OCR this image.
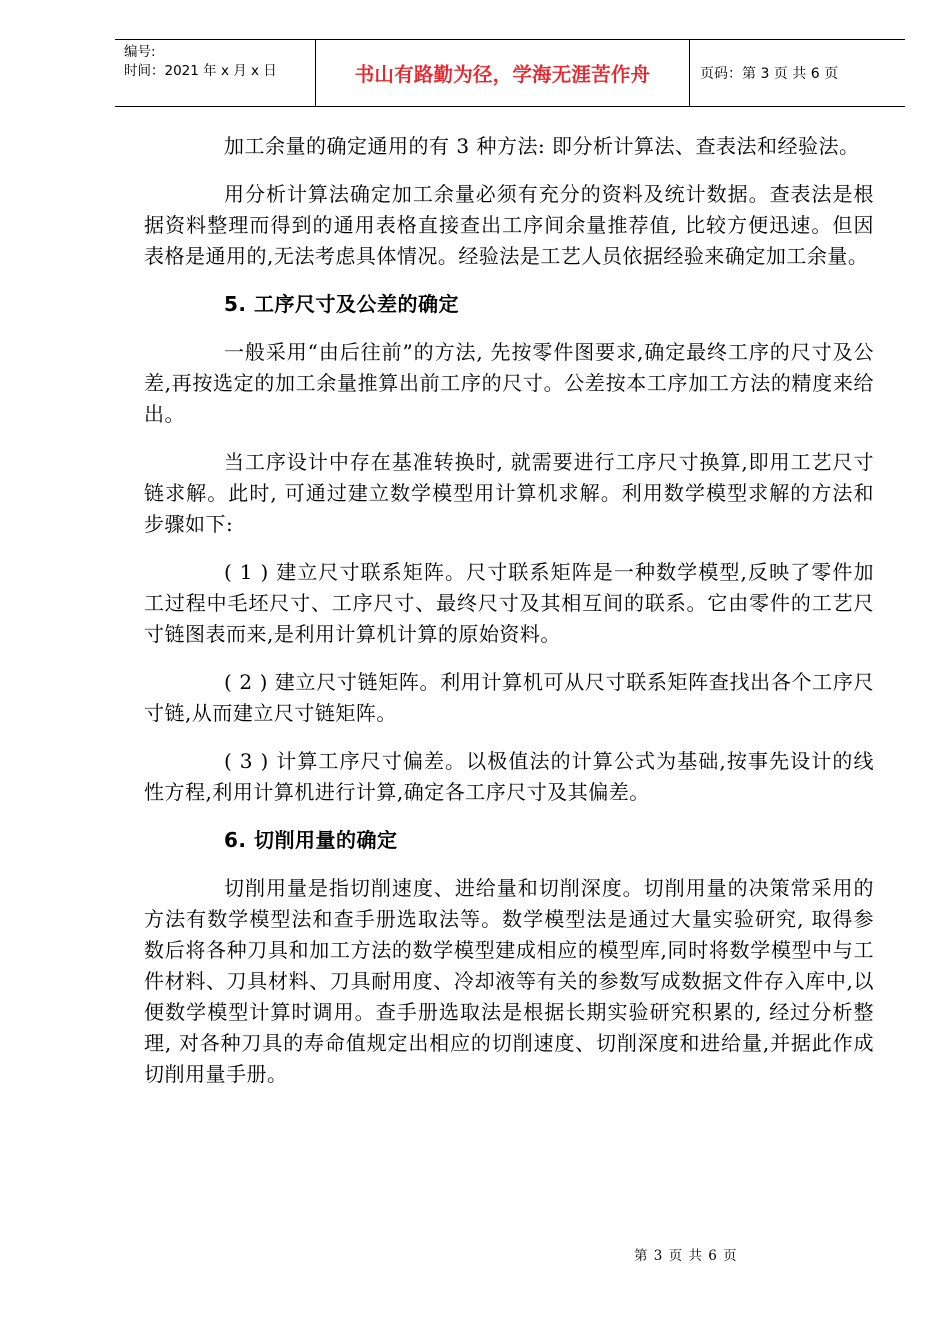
编号:
时间：2021 年 x 月 x 日	书山有路勤为径，学海无涯苦作舟	页码：第 3 页 共 6 页

加工余量的确定通用的有 3 种方法: 即分析计算法、查表法和经验法。

用分析计算法确定加工余量必须有充分的资料及统计数据。查表法是根据资料整理而得到的通用表格直接查出工序间余量推荐值, 比较方便迅速。但因表格是通用的,无法考虑具体情况。经验法是工艺人员依据经验来确定加工余量。

5. 工序尺寸及公差的确定

一般采用“由后往前”的方法, 先按零件图要求,确定最终工序的尺寸及公差,再按选定的加工余量推算出前工序的尺寸。公差按本工序加工方法的精度来给出。

当工序设计中存在基准转换时, 就需要进行工序尺寸换算,即用工艺尺寸链求解。此时, 可通过建立数学模型用计算机求解。利用数学模型求解的方法和步骤如下:

( 1 ) 建立尺寸联系矩阵。尺寸联系矩阵是一种数学模型,反映了零件加工过程中毛坯尺寸、工序尺寸、最终尺寸及其相互间的联系。它由零件的工艺尺寸链图表而来,是利用计算机计算的原始资料。

( 2 ) 建立尺寸链矩阵。利用计算机可从尺寸联系矩阵查找出各个工序尺寸链,从而建立尺寸链矩阵。

( 3 ) 计算工序尺寸偏差。以极值法的计算公式为基础,按事先设计的线性方程,利用计算机进行计算,确定各工序尺寸及其偏差。

6. 切削用量的确定

切削用量是指切削速度、进给量和切削深度。切削用量的决策常采用的方法有数学模型法和查手册选取法等。数学模型法是通过大量实验研究, 取得参数后将各种刀具和加工方法的数学模型建成相应的模型库,同时将数学模型中与工件材料、刀具材料、刀具耐用度、冷却液等有关的参数写成数据文件存入库中,以便数学模型计算时调用。查手册选取法是根据长期实验研究积累的, 经过分析整理, 对各种刀具的寿命值规定出相应的切削速度、切削深度和进给量,并据此作成切削用量手册。

第 3 页 共 6 页
